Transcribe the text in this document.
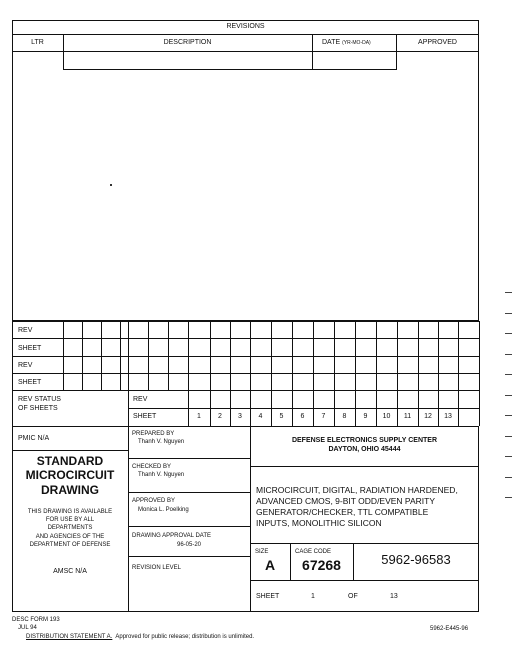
REVISIONS
LTR	DESCRIPTION	DATE (YR-MO-DA)	APPROVED
REV
SHEET
REV
SHEET
REV STATUS
OF SHEETS
REV
SHEET	1	2	3	4	5	6	7	8	9	10	11	12	13
PMIC N/A
STANDARD
MICROCIRCUIT
DRAWING
THIS DRAWING IS AVAILABLE
FOR USE BY ALL
DEPARTMENTS
AND AGENCIES OF THE
DEPARTMENT OF DEFENSE
AMSC N/A
PREPARED BY
Thanh V. Nguyen
CHECKED BY
Thanh V. Nguyen
APPROVED BY
Monica L. Poelking
DRAWING APPROVAL DATE
96-05-20
REVISION LEVEL
DEFENSE ELECTRONICS SUPPLY CENTER
DAYTON, OHIO 45444
MICROCIRCUIT, DIGITAL, RADIATION HARDENED,
ADVANCED CMOS, 9-BIT ODD/EVEN PARITY
GENERATOR/CHECKER, TTL COMPATIBLE
INPUTS, MONOLITHIC SILICON
SIZE
A
CAGE CODE
67268	5962-96583
SHEET	1	OF	13
DESC FORM 193
JUL 94
DISTRIBUTION STATEMENT A. Approved for public release; distribution is unlimited.
5962-E445-96
